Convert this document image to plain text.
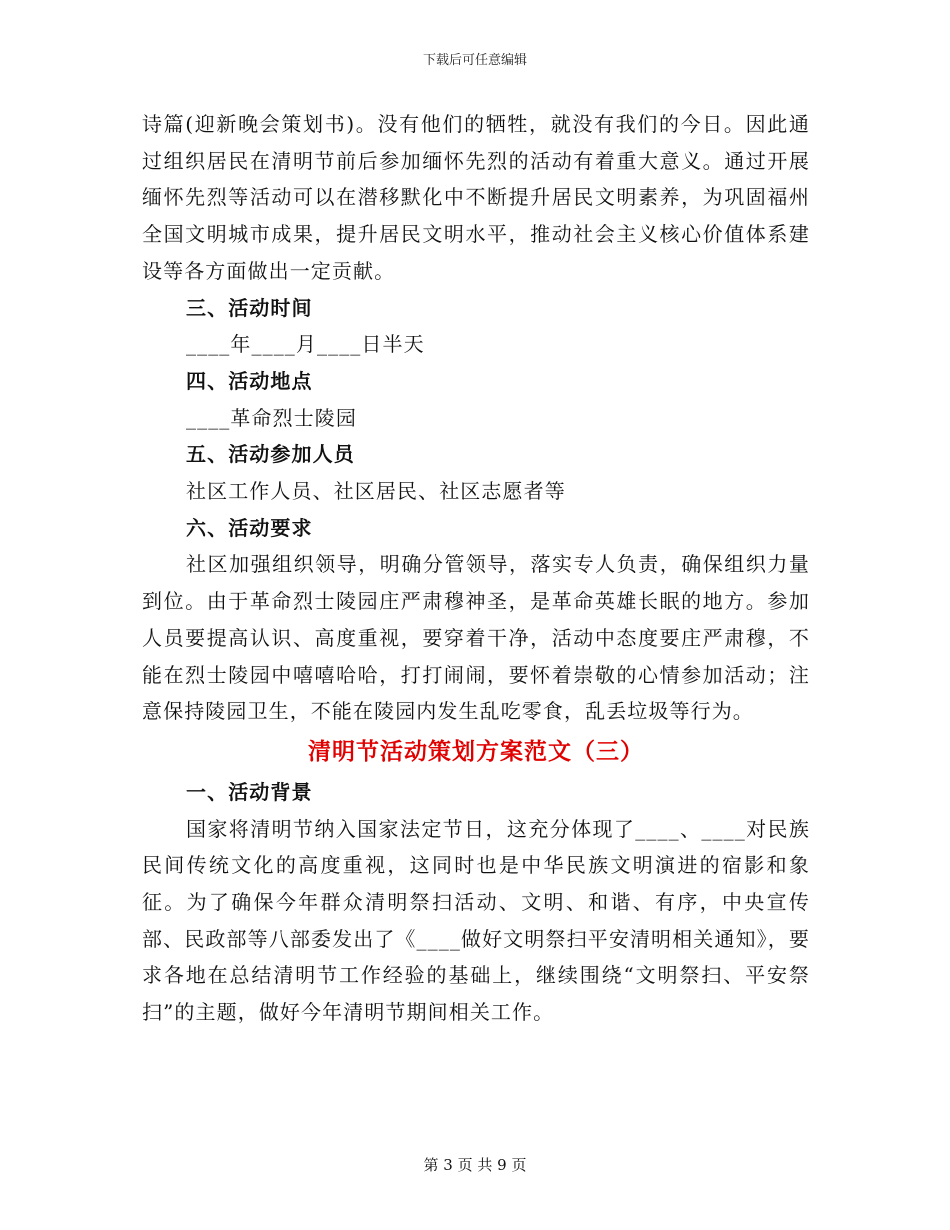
下载后可任意编辑

诗篇(迎新晚会策划书)。没有他们的牺牲，就没有我们的今日。因此通过组织居民在清明节前后参加缅怀先烈的活动有着重大意义。通过开展缅怀先烈等活动可以在潜移默化中不断提升居民文明素养，为巩固福州全国文明城市成果，提升居民文明水平，推动社会主义核心价值体系建设等各方面做出一定贡献。

三、活动时间

____年____月____日半天

四、活动地点

____革命烈士陵园

五、活动参加人员

社区工作人员、社区居民、社区志愿者等

六、活动要求

社区加强组织领导，明确分管领导，落实专人负责，确保组织力量到位。由于革命烈士陵园庄严肃穆神圣，是革命英雄长眠的地方。参加人员要提高认识、高度重视，要穿着干净，活动中态度要庄严肃穆，不能在烈士陵园中嘻嘻哈哈，打打闹闹，要怀着崇敬的心情参加活动；注意保持陵园卫生，不能在陵园内发生乱吃零食，乱丢垃圾等行为。

清明节活动策划方案范文（三）

一、活动背景

国家将清明节纳入国家法定节日，这充分体现了____、____对民族民间传统文化的高度重视，这同时也是中华民族文明演进的宿影和象征。为了确保今年群众清明祭扫活动、文明、和谐、有序，中央宣传部、民政部等八部委发出了《____做好文明祭扫平安清明相关通知》，要求各地在总结清明节工作经验的基础上，继续围绕“文明祭扫、平安祭扫”的主题，做好今年清明节期间相关工作。

第 3 页 共 9 页
